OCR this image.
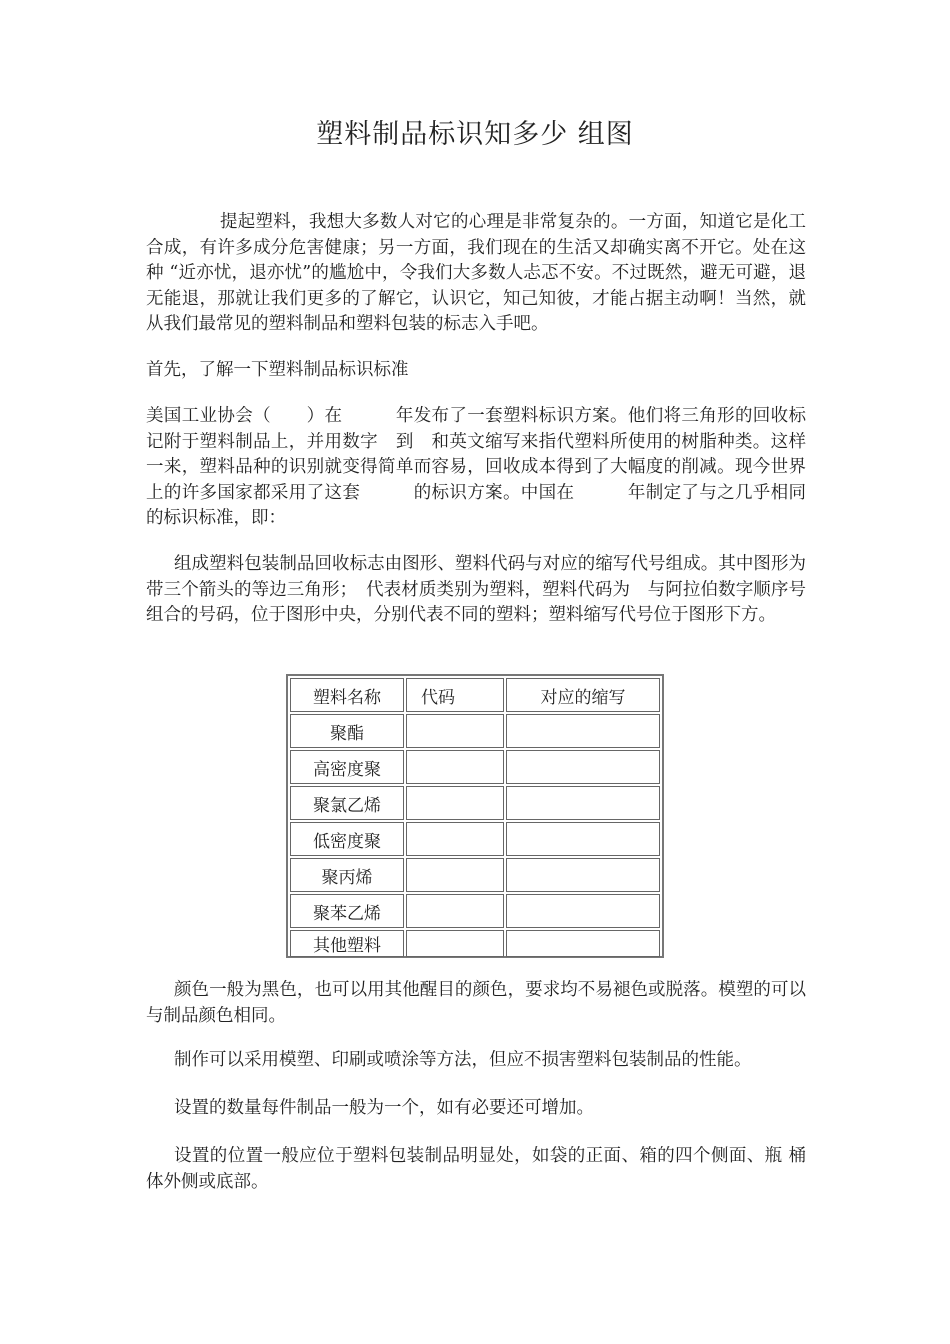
塑料制品标识知多少 组图

提起塑料，我想大多数人对它的心理是非常复杂的。一方面，知道它是化工合成，有许多成分危害健康；另一方面，我们现在的生活又却确实离不开它。处在这种 “近亦忧，退亦忧”的尴尬中，令我们大多数人忐忑不安。不过既然，避无可避，退无能退，那就让我们更多的了解它，认识它，知己知彼，才能占据主动啊！当然，就从我们最常见的塑料制品和塑料包装的标志入手吧。

首先，了解一下塑料制品标识标准

美国工业协会（　　）在　　　年发布了一套塑料标识方案。他们将三角形的回收标记附于塑料制品上，并用数字　到　和英文缩写来指代塑料所使用的树脂种类。这样一来，塑料品种的识别就变得简单而容易，回收成本得到了大幅度的削减。现今世界上的许多国家都采用了这套　　　的标识方案。中国在　　　年制定了与之几乎相同的标识标准，即：

组成塑料包装制品回收标志由图形、塑料代码与对应的缩写代号组成。其中图形为带三个箭头的等边三角形；　代表材质类别为塑料，塑料代码为　与阿拉伯数字顺序号组合的号码，位于图形中央，分别代表不同的塑料；塑料缩写代号位于图形下方。

塑料名称	代码	对应的缩写
聚酯		
高密度聚		
聚氯乙烯		
低密度聚		
聚丙烯		
聚苯乙烯		
其他塑料		

颜色一般为黑色，也可以用其他醒目的颜色，要求均不易褪色或脱落。模塑的可以与制品颜色相同。

制作可以采用模塑、印刷或喷涂等方法，但应不损害塑料包装制品的性能。

设置的数量每件制品一般为一个，如有必要还可增加。

设置的位置一般应位于塑料包装制品明显处，如袋的正面、箱的四个侧面、瓶 桶 体外侧或底部。
